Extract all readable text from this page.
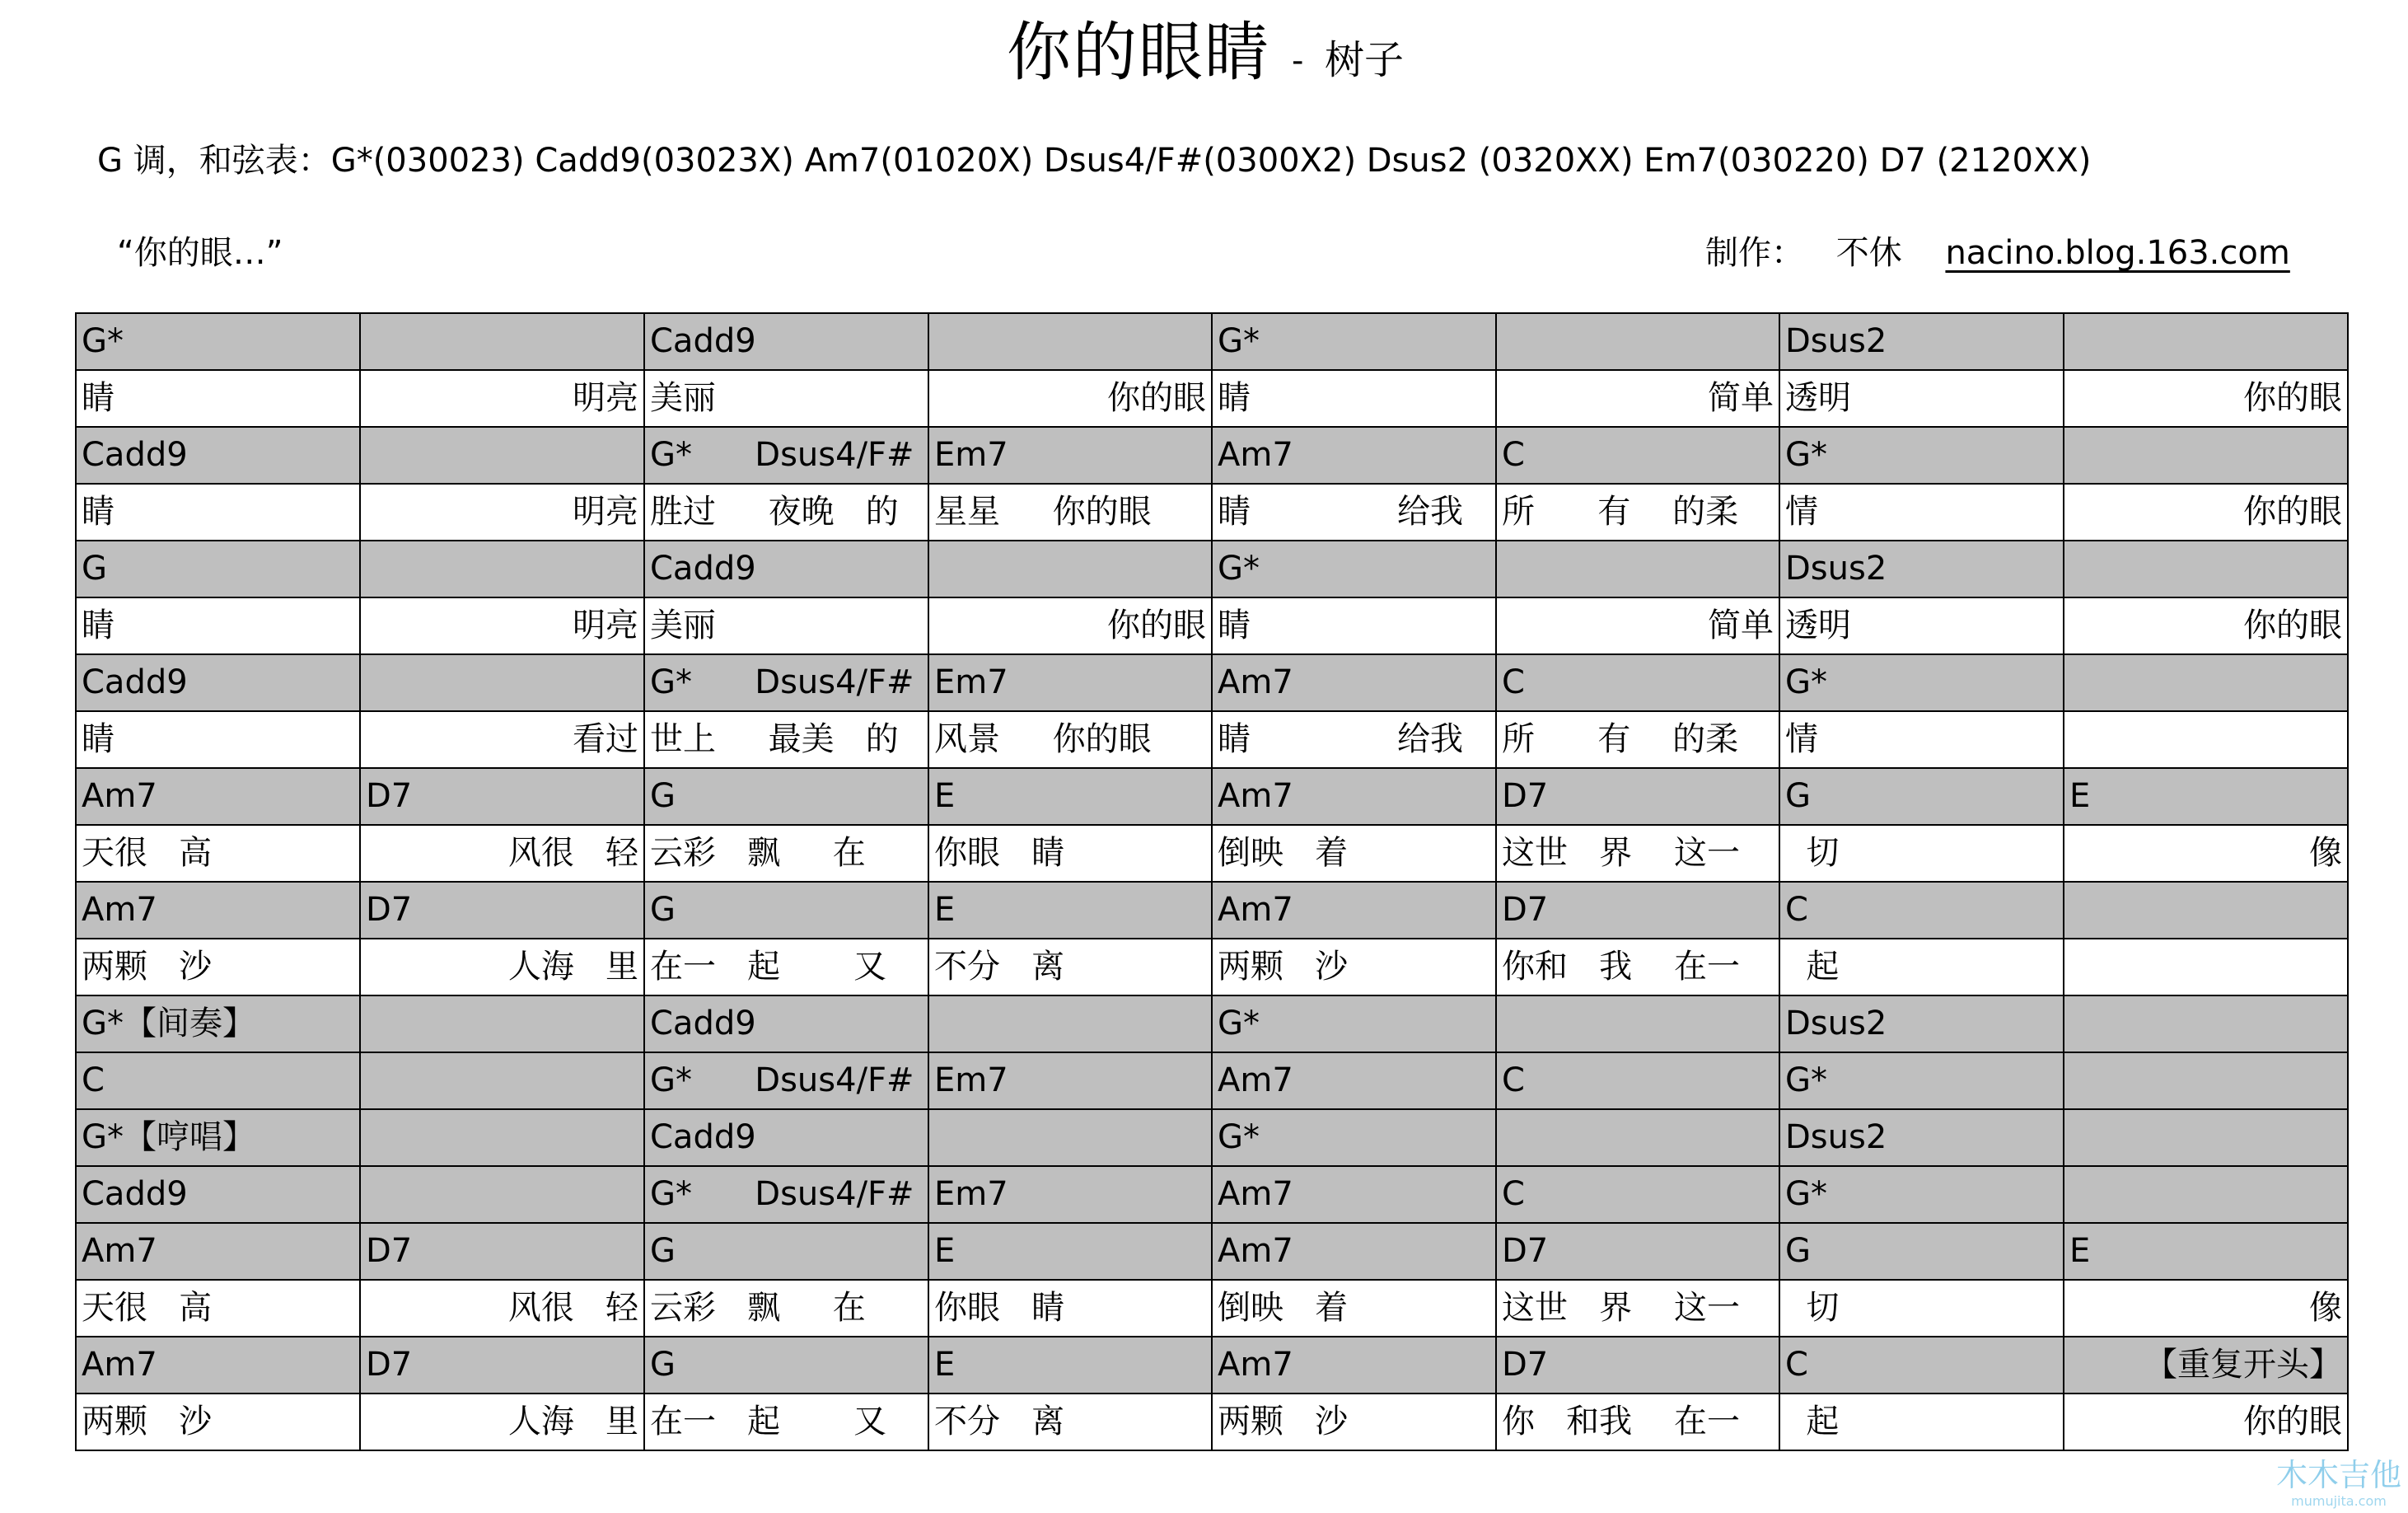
你的眼睛 - 树子
G 调，和弦表：G*(030023) Cadd9(03023X) Am7(01020X) Dsus4/F#(0300X2) Dsus2 (0320XX) Em7(030220) D7 (2120XX)
“你的眼…”	制作： 不休 nacino.blog.163.com
G*		Cadd9		G*		Dsus2	

睛	明亮	美丽	你的眼	睛	简单	透明	你的眼

Cadd9		G*      Dsus4/F#	Em7	Am7	C	G*	

睛	明亮	胜过     夜晚   的	星星     你的眼	睛              给我	所      有    的柔	情	你的眼

G		Cadd9		G*		Dsus2	

睛	明亮	美丽	你的眼	睛	简单	透明	你的眼

Cadd9		G*      Dsus4/F#	Em7	Am7	C	G*	

睛	看过	世上     最美   的	风景     你的眼	睛              给我	所      有    的柔	情	

Am7	D7	G	E	Am7	D7	G	E

天很   高	风很   轻	云彩   飘     在	你眼   睛	倒映   着	这世   界    这一	切	像

Am7	D7	G	E	Am7	D7	C	

两颗   沙	人海   里	在一   起       又	不分   离	两颗   沙	你和   我    在一	起	

G*【间奏】		Cadd9		G*		Dsus2	

C		G*      Dsus4/F#	Em7	Am7	C	G*	

G*【哼唱】		Cadd9		G*		Dsus2	

Cadd9		G*      Dsus4/F#	Em7	Am7	C	G*	

Am7	D7	G	E	Am7	D7	G	E

天很   高	风很   轻	云彩   飘     在	你眼   睛	倒映   着	这世   界    这一	切	像

Am7	D7	G	E	Am7	D7	C	【重复开头】

两颗   沙	人海   里	在一   起       又	不分   离	两颗   沙	你   和我    在一	起	你的眼
木木吉他
mumujita.com
